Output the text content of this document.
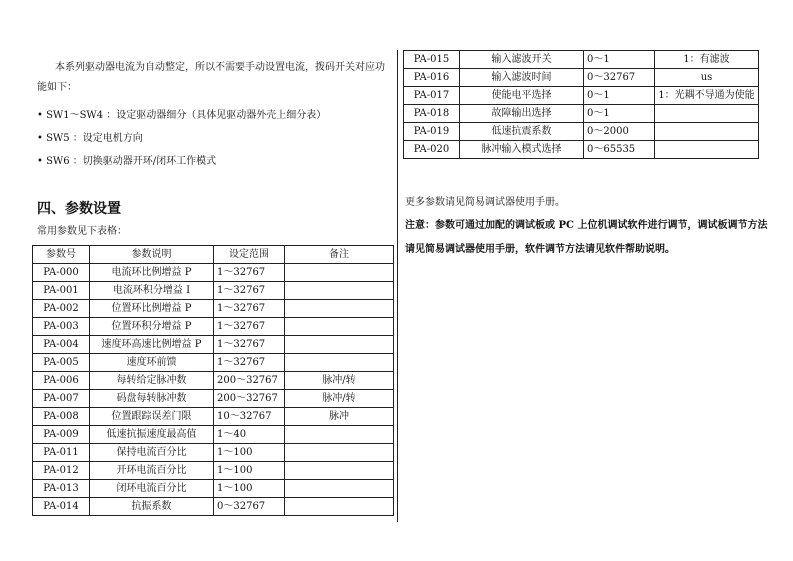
本系列驱动器电流为自动整定，所以不需要手动设置电流，拨码开关对应功
能如下：
• SW1～SW4 ：设定驱动器细分（具体见驱动器外壳上细分表）
• SW5 ：设定电机方向
• SW6 ：切换驱动器开环/闭环工作模式
四、参数设置
常用参数见下表格：
参数号	参数说明	设定范围	备注
PA-000	电流环比例增益 P	1～32767	
PA-001	电流环积分增益 I	1～32767	
PA-002	位置环比例增益 P	1～32767	
PA-003	位置环积分增益 P	1～32767	
PA-004	速度环高速比例增益 P	1～32767	
PA-005	速度环前馈	1～32767	
PA-006	每转给定脉冲数	200～32767	脉冲/转
PA-007	码盘每转脉冲数	200～32767	脉冲/转
PA-008	位置跟踪误差门限	10～32767	脉冲
PA-009	低速抗振速度最高值	1～40	
PA-011	保持电流百分比	1～100	
PA-012	开环电流百分比	1～100	
PA-013	闭环电流百分比	1～100	
PA-014	抗振系数	0～32767	
PA-015	输入滤波开关	0～1	1：有滤波
PA-016	输入滤波时间	0～32767	us
PA-017	使能电平选择	0～1	1：光耦不导通为使能
PA-018	故障输出选择	0～1	
PA-019	低速抗震系数	0～2000	
PA-020	脉冲输入模式选择	0～65535	
更多参数请见简易调试器使用手册。
注意：参数可通过加配的调试板或 PC 上位机调试软件进行调节，调试板调节方法
请见简易调试器使用手册，软件调节方法请见软件帮助说明。
